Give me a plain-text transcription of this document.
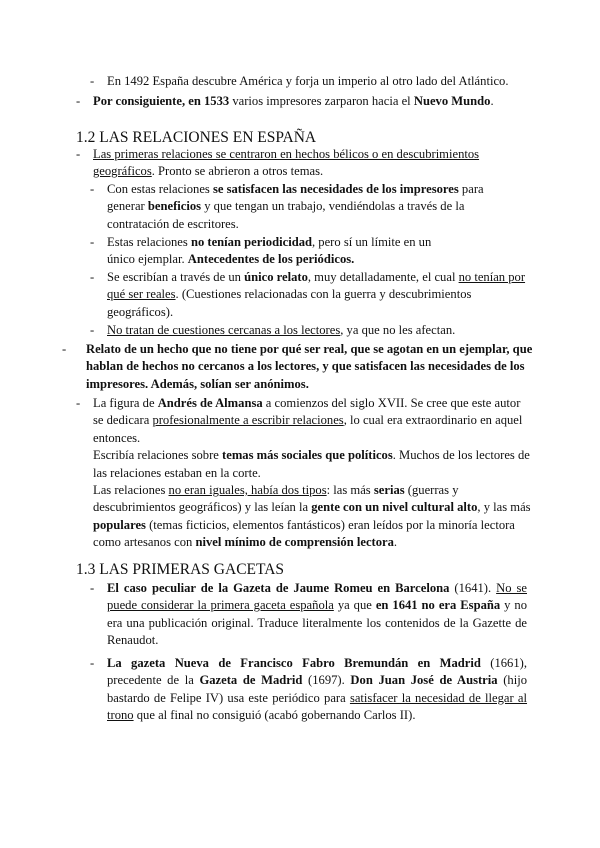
- En 1492 España descubre América y forja un imperio al otro lado del Atlántico.

- Por consiguiente, en 1533 varios impresores zarparon hacia el Nuevo Mundo.

1.2 LAS RELACIONES EN ESPAÑA
- Las primeras relaciones se centraron en hechos bélicos o en descubrimientos geográficos. Pronto se abrieron a otros temas.

- Con estas relaciones se satisfacen las necesidades de los impresores para generar beneficios y que tengan un trabajo, vendiéndolas a través de la contratación de escritores.

- Estas relaciones no tenían periodicidad, pero sí un límite en un único ejemplar. Antecedentes de los periódicos.

- Se escribían a través de un único relato, muy detalladamente, el cual no tenían por qué ser reales. (Cuestiones relacionadas con la guerra y descubrimientos geográficos).

- No tratan de cuestiones cercanas a los lectores, ya que no les afectan.

- Relato de un hecho que no tiene por qué ser real, que se agotan en un ejemplar, que hablan de hechos no cercanos a los lectores, y que satisfacen las necesidades de los impresores. Además, solían ser anónimos.

- La figura de Andrés de Almansa a comienzos del siglo XVII. Se cree que este autor se dedicara profesionalmente a escribir relaciones, lo cual era extraordinario en aquel entonces.
Escribía relaciones sobre temas más sociales que políticos. Muchos de los lectores de las relaciones estaban en la corte.
Las relaciones no eran iguales, había dos tipos: las más serias (guerras y descubrimientos geográficos) y las leían la gente con un nivel cultural alto, y las más populares (temas ficticios, elementos fantásticos) eran leídos por la minoría lectora como artesanos con nivel mínimo de comprensión lectora.

1.3 LAS PRIMERAS GACETAS
- El caso peculiar de la Gazeta de Jaume Romeu en Barcelona (1641). No se puede considerar la primera gaceta española ya que en 1641 no era España y no era una publicación original. Traduce literalmente los contenidos de la Gazette de Renaudot.

- La gazeta Nueva de Francisco Fabro Bremundán en Madrid (1661), precedente de la Gazeta de Madrid (1697). Don Juan José de Austria (hijo bastardo de Felipe IV) usa este periódico para satisfacer la necesidad de llegar al trono que al final no consiguió (acabó gobernando Carlos II).
